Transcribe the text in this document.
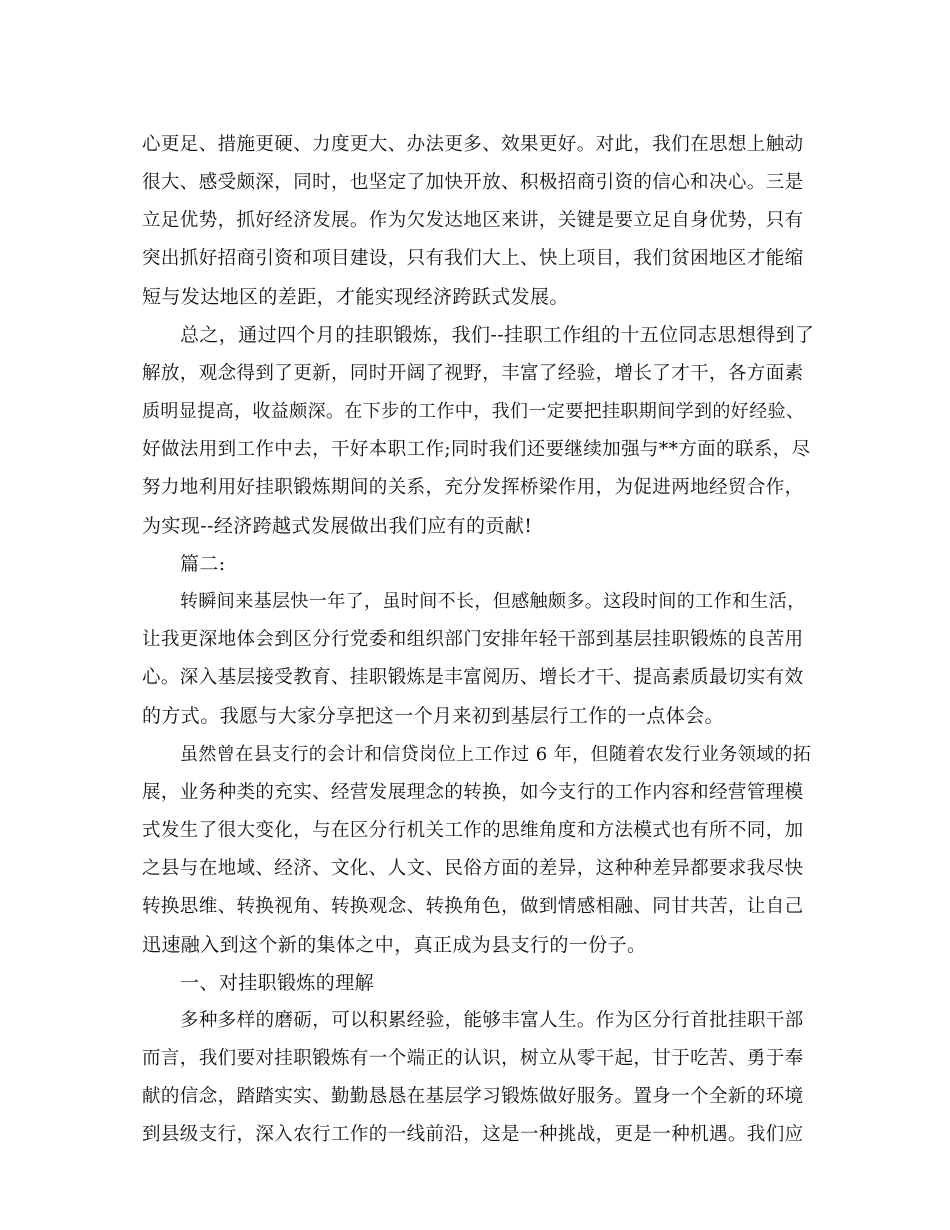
心更足、措施更硬、力度更大、办法更多、效果更好。对此，我们在思想上触动
很大、感受颇深，同时，也坚定了加快开放、积极招商引资的信心和决心。三是
立足优势，抓好经济发展。作为欠发达地区来讲，关键是要立足自身优势，只有
突出抓好招商引资和项目建设，只有我们大上、快上项目，我们贫困地区才能缩
短与发达地区的差距，才能实现经济跨跃式发展。
总之，通过四个月的挂职锻炼，我们--挂职工作组的十五位同志思想得到了
解放，观念得到了更新，同时开阔了视野，丰富了经验，增长了才干，各方面素
质明显提高，收益颇深。在下步的工作中，我们一定要把挂职期间学到的好经验、
好做法用到工作中去，干好本职工作;同时我们还要继续加强与**方面的联系，尽
努力地利用好挂职锻炼期间的关系，充分发挥桥梁作用，为促进两地经贸合作，
为实现--经济跨越式发展做出我们应有的贡献!
篇二:
转瞬间来基层快一年了，虽时间不长，但感触颇多。这段时间的工作和生活，
让我更深地体会到区分行党委和组织部门安排年轻干部到基层挂职锻炼的良苦用
心。深入基层接受教育、挂职锻炼是丰富阅历、增长才干、提高素质最切实有效
的方式。我愿与大家分享把这一个月来初到基层行工作的一点体会。
虽然曾在县支行的会计和信贷岗位上工作过 6 年，但随着农发行业务领域的拓
展，业务种类的充实、经营发展理念的转换，如今支行的工作内容和经营管理模
式发生了很大变化，与在区分行机关工作的思维角度和方法模式也有所不同，加
之县与在地域、经济、文化、人文、民俗方面的差异，这种种差异都要求我尽快
转换思维、转换视角、转换观念、转换角色，做到情感相融、同甘共苦，让自己
迅速融入到这个新的集体之中，真正成为县支行的一份子。
一、对挂职锻炼的理解
多种多样的磨砺，可以积累经验，能够丰富人生。作为区分行首批挂职干部
而言，我们要对挂职锻炼有一个端正的认识，树立从零干起，甘于吃苦、勇于奉
献的信念，踏踏实实、勤勤恳恳在基层学习锻炼做好服务。置身一个全新的环境
到县级支行，深入农行工作的一线前沿，这是一种挑战，更是一种机遇。我们应
